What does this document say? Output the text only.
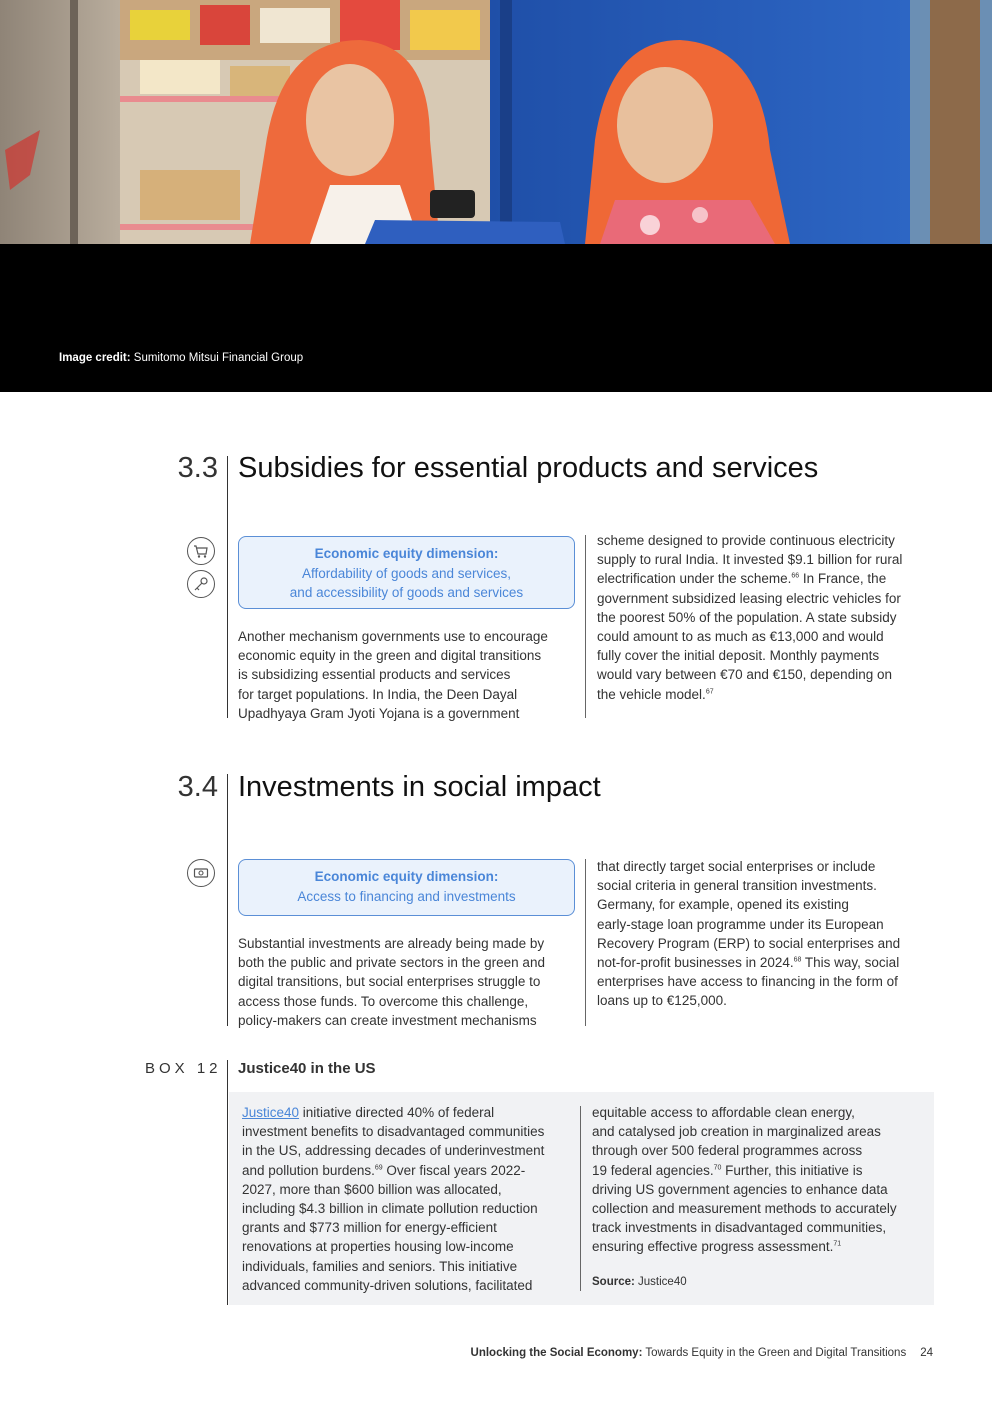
Image credit: Sumitomo Mitsui Financial Group
3.3 Subsidies for essential products and services
Economic equity dimension:
Affordability of goods and services,
and accessibility of goods and services
Another mechanism governments use to encourage
economic equity in the green and digital transitions
is subsidizing essential products and services
for target populations. In India, the Deen Dayal
Upadhyaya Gram Jyoti Yojana is a government
scheme designed to provide continuous electricity
supply to rural India. It invested $9.1 billion for rural
electrification under the scheme.$^{66}$ In France, the
government subsidized leasing electric vehicles for
the poorest 50% of the population. A state subsidy
could amount to as much as €13,000 and would
fully cover the initial deposit. Monthly payments
would vary between €70 and €150, depending on
the vehicle model.$^{67}$
3.4 Investments in social impact
Economic equity dimension:
Access to financing and investments
Substantial investments are already being made by
both the public and private sectors in the green and
digital transitions, but social enterprises struggle to
access those funds. To overcome this challenge,
policy-makers can create investment mechanisms
that directly target social enterprises or include
social criteria in general transition investments.
Germany, for example, opened its existing
early-stage loan programme under its European
Recovery Program (ERP) to social enterprises and
not-for-profit businesses in 2024.68 This way, social
enterprises have access to financing in the form of
loans up to €125,000.
BOX 12 Justice40 in the US
Justice40 initiative directed 40% of federal
investment benefits to disadvantaged communities
in the US, addressing decades of underinvestment
and pollution burdens.$^{69}$ Over fiscal years 2022-
2027, more than $600 billion was allocated,
including $4.3 billion in climate pollution reduction
grants and $773 million for energy-efficient
renovations at properties housing low-income
individuals, families and seniors. This initiative
advanced community-driven solutions, facilitated
equitable access to affordable clean energy,
and catalysed job creation in marginalized areas
through over 500 federal programmes across
19 federal agencies.$^{70}$ Further, this initiative is
driving US government agencies to enhance data
collection and measurement methods to accurately
track investments in disadvantaged communities,
ensuring effective progress assessment.$^{71}$
Source: Justice40
Unlocking the Social Economy: Towards Equity in the Green and Digital Transitions 24
